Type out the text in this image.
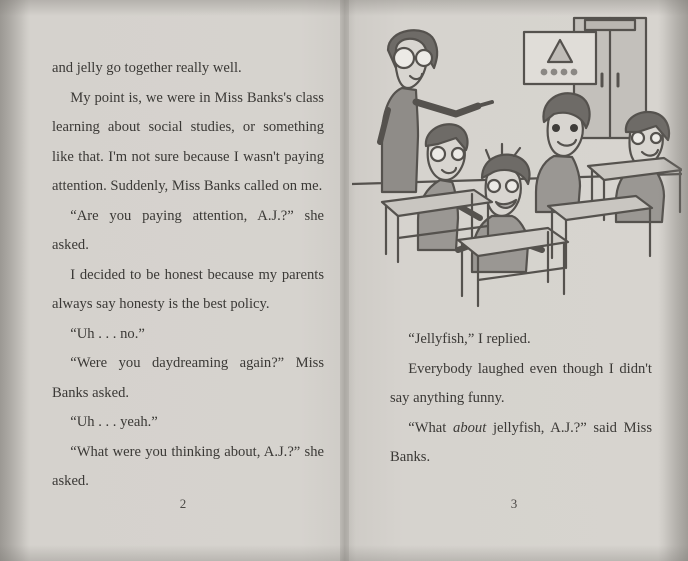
and jelly go together really well.

My point is, we were in Miss Banks's class learning about social studies, or something like that. I'm not sure because I wasn't paying attention. Suddenly, Miss Banks called on me.

“Are you paying attention, A.J.?” she asked.

I decided to be honest because my parents always say honesty is the best policy.

“Uh . . . no.”

“Were you daydreaming again?” Miss Banks asked.

“Uh . . . yeah.”

“What were you thinking about, A.J.?” she asked.

“Jellyfish,” I replied.

Everybody laughed even though I didn't say anything funny.

“What about jellyfish, A.J.?” said Miss Banks.

2	3
